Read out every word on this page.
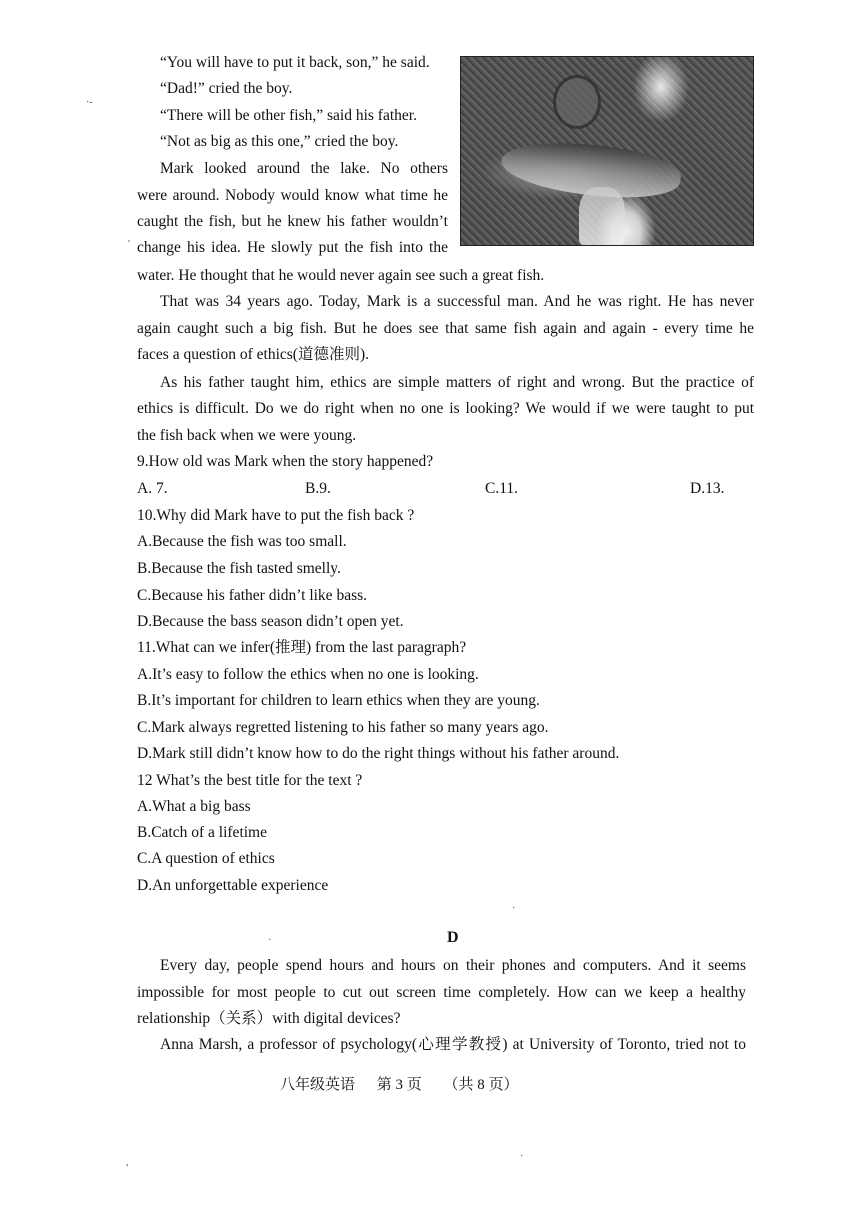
“You will have to put it back, son,” he said.
“Dad!” cried the boy.
“There will be other fish,” said his father.
“Not as big as this one,” cried the boy.
Mark looked around the lake. No others
were around. Nobody would know what time he
caught the fish, but he knew his father wouldn’t
change his idea. He slowly put the fish into the
water. He thought that he would never again see such a great fish.
That was 34 years ago. Today, Mark is a successful man. And he was right. He has never
again caught such a big fish. But he does see that same fish again and again - every time he
faces a question of ethics(道德准则).
As his father taught him, ethics are simple matters of right and wrong. But the practice of
ethics is difficult. Do we do right when no one is looking? We would if we were taught to put
the fish back when we were young.
9.How old was Mark when the story happened?
A. 7.	B.9.	C.11.	D.13.
10.Why did Mark have to put the fish back ?
A.Because the fish was too small.
B.Because the fish tasted smelly.
C.Because his father didn’t like bass.
D.Because the bass season didn’t open yet.
11.What can we infer(推理) from the last paragraph?
A.It’s easy to follow the ethics when no one is looking.
B.It’s important for children to learn ethics when they are young.
C.Mark always regretted listening to his father so many years ago.
D.Mark still didn’t know how to do the right things without his father around.
12 What’s the best title for the text ?
A.What a big bass
B.Catch of a lifetime
C.A question of ethics
D.An unforgettable experience
D
Every day, people spend hours and hours on their phones and computers. And it seems
impossible for most people to cut out screen time completely. How can we keep a healthy
relationship（关系）with digital devices?
Anna Marsh, a professor of psychology(心理学教授) at University of Toronto, tried not to
八年级英语 第 3 页 （共 8 页）
·-
'
·
·
·
,
